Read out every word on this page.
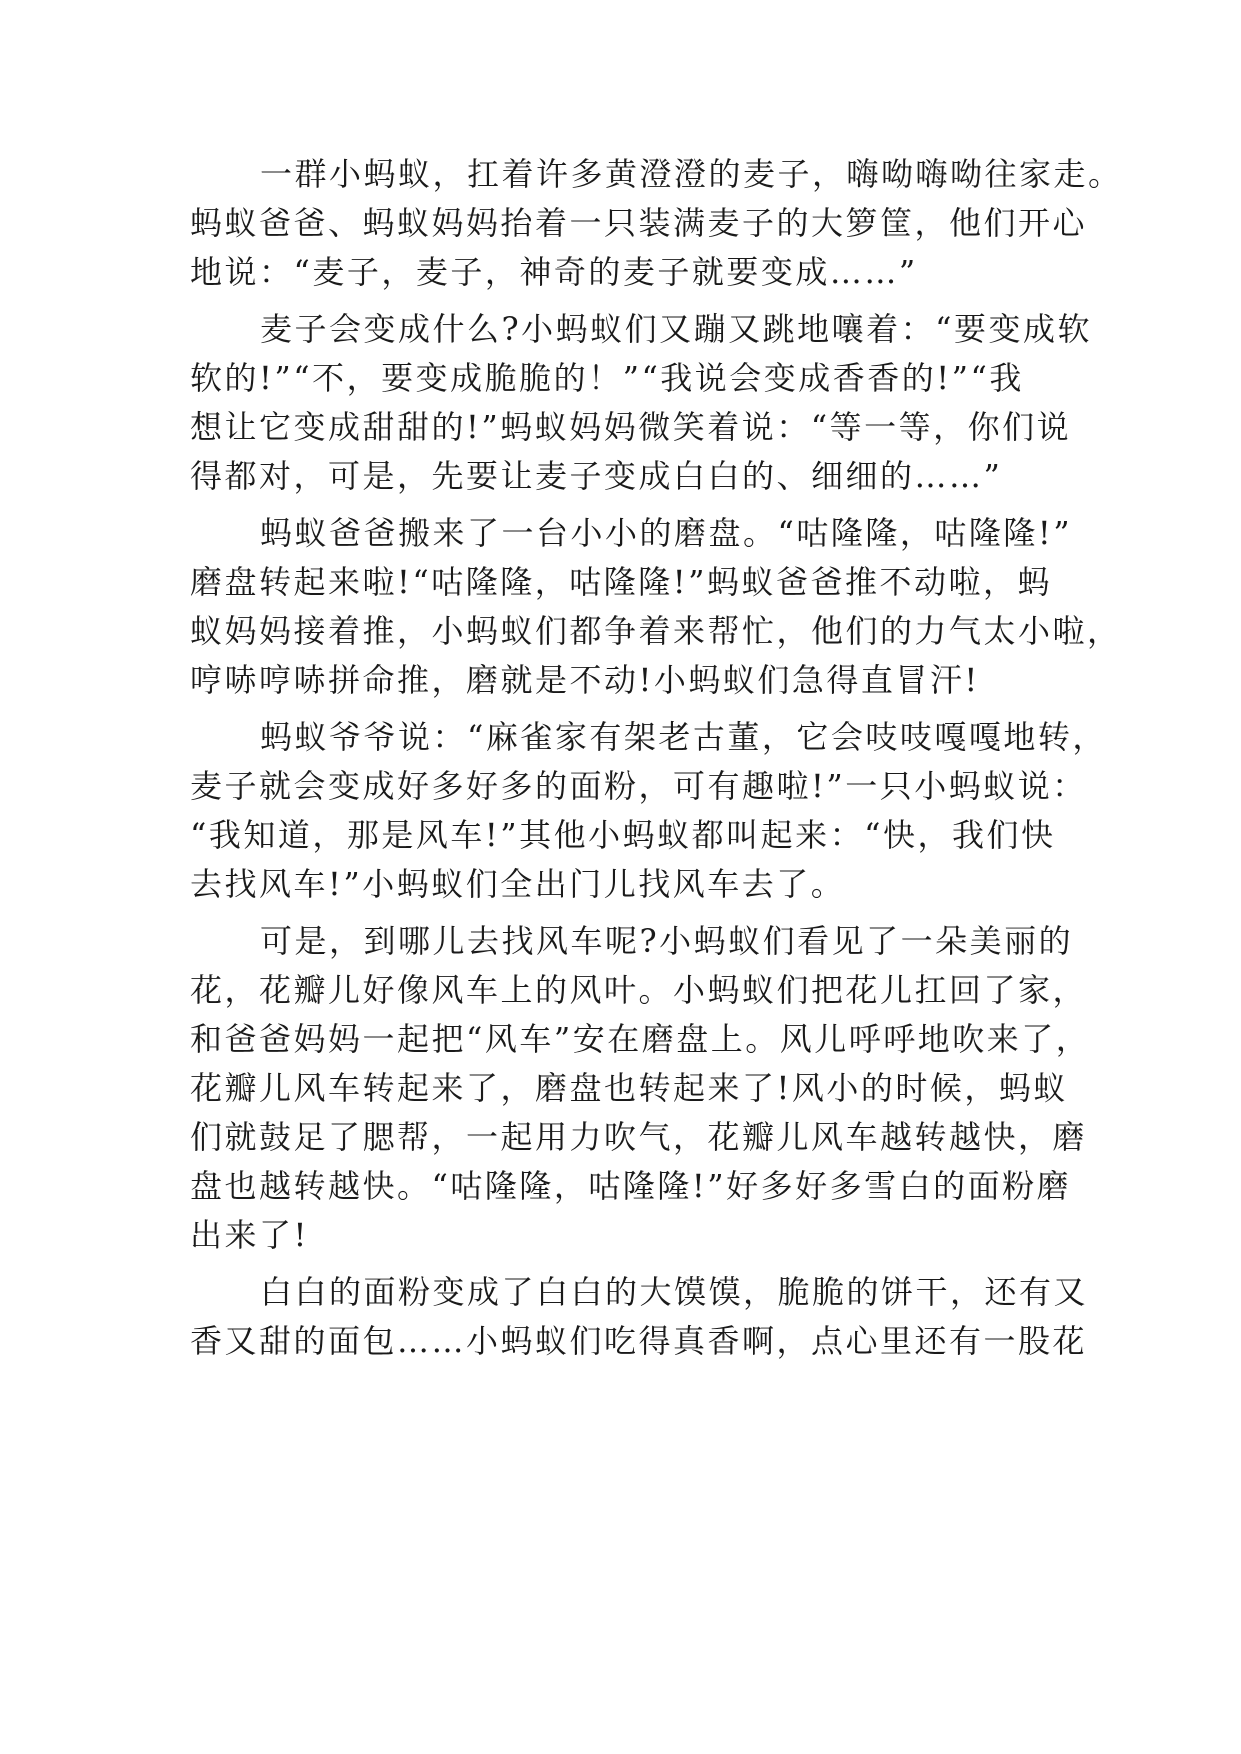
一群小蚂蚁，扛着许多黄澄澄的麦子，嗨呦嗨呦往家走。
蚂蚁爸爸、蚂蚁妈妈抬着一只装满麦子的大箩筐，他们开心
地说：“麦子，麦子，神奇的麦子就要变成……”
麦子会变成什么?小蚂蚁们又蹦又跳地嚷着：“要变成软
软的!”“不，要变成脆脆的！”“我说会变成香香的!”“我
想让它变成甜甜的!”蚂蚁妈妈微笑着说：“等一等，你们说
得都对，可是，先要让麦子变成白白的、细细的……”
蚂蚁爸爸搬来了一台小小的磨盘。“咕隆隆，咕隆隆!”
磨盘转起来啦!“咕隆隆，咕隆隆!”蚂蚁爸爸推不动啦，蚂
蚁妈妈接着推，小蚂蚁们都争着来帮忙，他们的力气太小啦，
哼哧哼哧拼命推，磨就是不动!小蚂蚁们急得直冒汗!
蚂蚁爷爷说：“麻雀家有架老古董，它会吱吱嘎嘎地转，
麦子就会变成好多好多的面粉，可有趣啦!”一只小蚂蚁说：
“我知道，那是风车!”其他小蚂蚁都叫起来：“快，我们快
去找风车!”小蚂蚁们全出门儿找风车去了。
可是，到哪儿去找风车呢?小蚂蚁们看见了一朵美丽的
花，花瓣儿好像风车上的风叶。小蚂蚁们把花儿扛回了家，
和爸爸妈妈一起把“风车”安在磨盘上。风儿呼呼地吹来了，
花瓣儿风车转起来了，磨盘也转起来了!风小的时候，蚂蚁
们就鼓足了腮帮，一起用力吹气，花瓣儿风车越转越快，磨
盘也越转越快。“咕隆隆，咕隆隆!”好多好多雪白的面粉磨
出来了!
白白的面粉变成了白白的大馍馍，脆脆的饼干，还有又
香又甜的面包……小蚂蚁们吃得真香啊，点心里还有一股花
